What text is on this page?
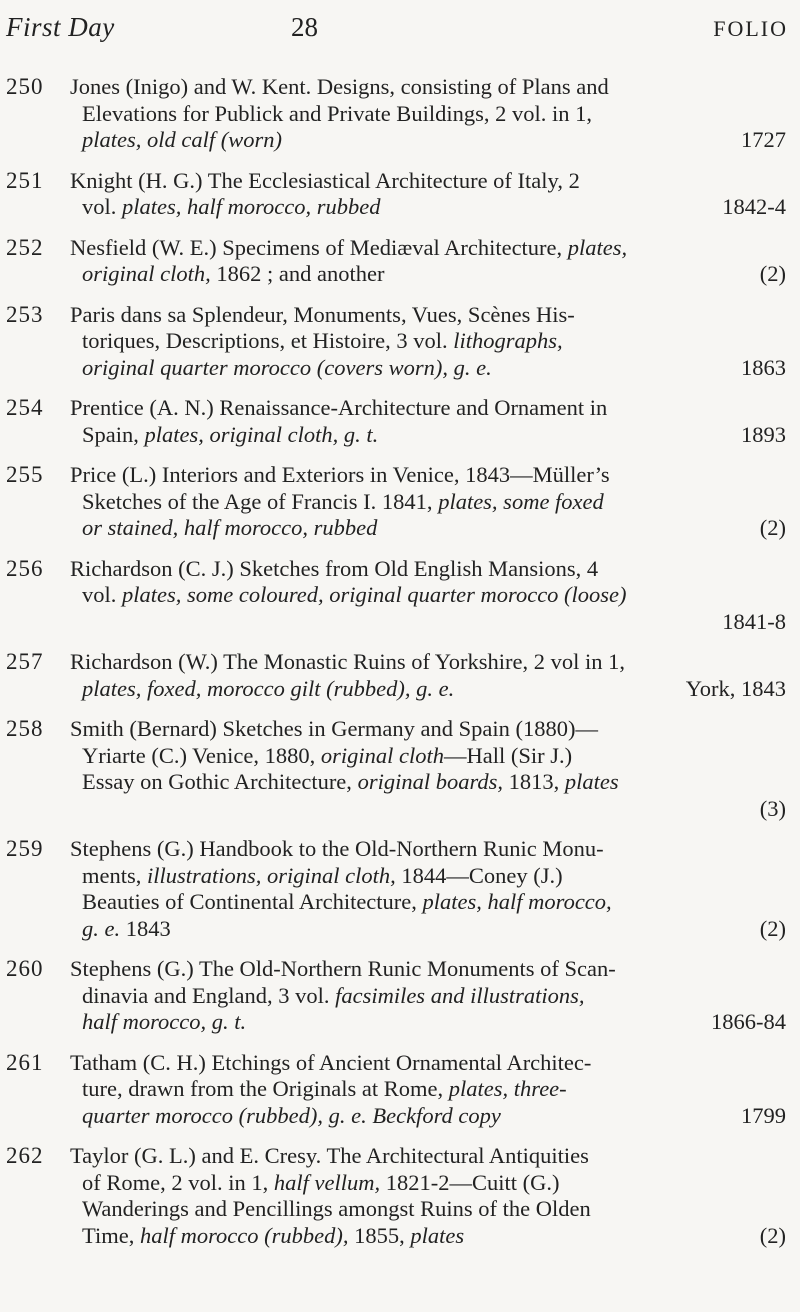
First Day	28	FOLIO
250	Jones (Inigo) and W. Kent. Designs, consisting of Plans and
Elevations for Publick and Private Buildings, 2 vol. in 1,
plates, old calf (worn)	1727
251	Knight (H. G.) The Ecclesiastical Architecture of Italy, 2
vol. plates, half morocco, rubbed	1842-4
252	Nesfield (W. E.) Specimens of Mediæval Architecture, plates,
original cloth, 1862 ; and another	(2)
253	Paris dans sa Splendeur, Monuments, Vues, Scènes His-
toriques, Descriptions, et Histoire, 3 vol. lithographs,
original quarter morocco (covers worn), g. e.	1863
254	Prentice (A. N.) Renaissance-Architecture and Ornament in
Spain, plates, original cloth, g. t.	1893
255	Price (L.) Interiors and Exteriors in Venice, 1843—Müller’s
Sketches of the Age of Francis I. 1841, plates, some foxed
or stained, half morocco, rubbed	(2)
256	Richardson (C. J.) Sketches from Old English Mansions, 4
vol. plates, some coloured, original quarter morocco (loose)
1841-8
257	Richardson (W.) The Monastic Ruins of Yorkshire, 2 vol in 1,
plates, foxed, morocco gilt (rubbed), g. e.	York, 1843
258	Smith (Bernard) Sketches in Germany and Spain (1880)—
Yriarte (C.) Venice, 1880, original cloth—Hall (Sir J.)
Essay on Gothic Architecture, original boards, 1813, plates
(3)
259	Stephens (G.) Handbook to the Old-Northern Runic Monu-
ments, illustrations, original cloth, 1844—Coney (J.)
Beauties of Continental Architecture, plates, half morocco,
g. e. 1843	(2)
260	Stephens (G.) The Old-Northern Runic Monuments of Scan-
dinavia and England, 3 vol. facsimiles and illustrations,
half morocco, g. t.	1866-84
261	Tatham (C. H.) Etchings of Ancient Ornamental Architec-
ture, drawn from the Originals at Rome, plates, three-
quarter morocco (rubbed), g. e. Beckford copy	1799
262	Taylor (G. L.) and E. Cresy. The Architectural Antiquities
of Rome, 2 vol. in 1, half vellum, 1821-2—Cuitt (G.)
Wanderings and Pencillings amongst Ruins of the Olden
Time, half morocco (rubbed), 1855, plates	(2)
